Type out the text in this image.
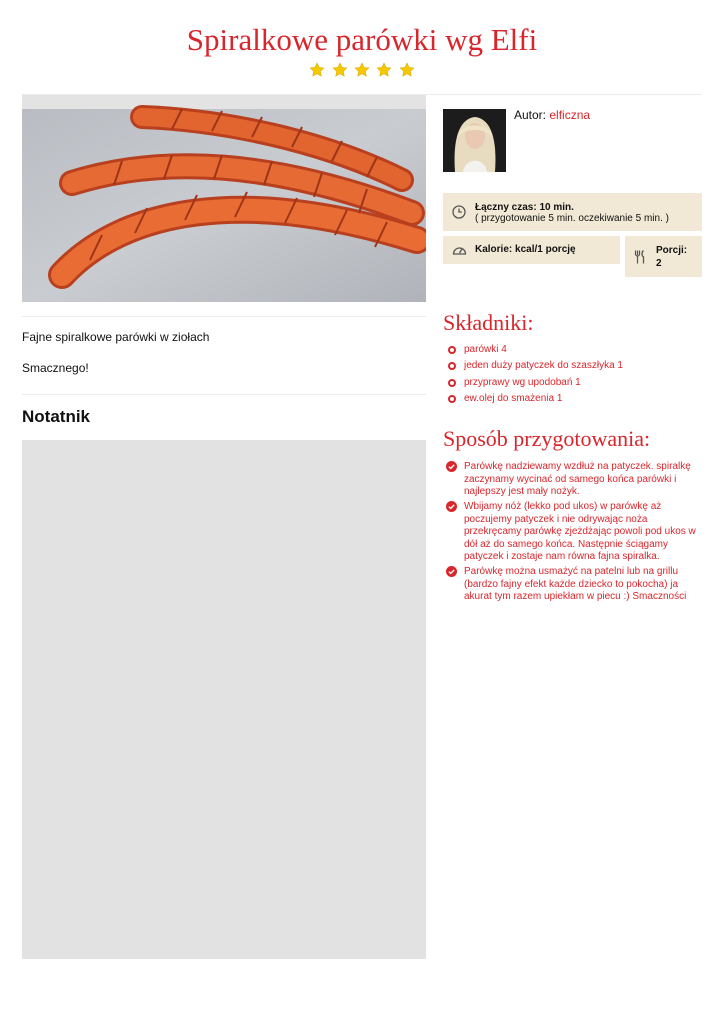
Spiralkowe parówki wg Elfi

Fajne spiralkowe parówki w ziołach

Smacznego!

Notatnik
Autor: elficzna
Łączny czas: 10 min.
( przygotowanie 5 min. oczekiwanie 5 min. )
Kalorie: kcal/1 porcję	Porcji:
2
Składniki:
parówki 4
jeden duży patyczek do szaszłyka 1
przyprawy wg upodobań 1
ew.olej do smażenia 1
Sposób przygotowania:
Parówkę nadziewamy wzdłuż na patyczek. spiralkę zaczynamy wycinać od samego końca parówki i najlepszy jest mały nożyk.
Wbijamy nóż (lekko pod ukos) w parówkę aż poczujemy patyczek i nie odrywając noża przekręcamy parówkę zjeżdżając powoli pod ukos w dół aż do samego końca. Następnie ściągamy patyczek i zostaje nam równa fajna spiralka.
Parówkę można usmażyć na patelni lub na grillu (bardzo fajny efekt każde dziecko to pokocha) ja akurat tym razem upiekłam w piecu :) Smaczności
